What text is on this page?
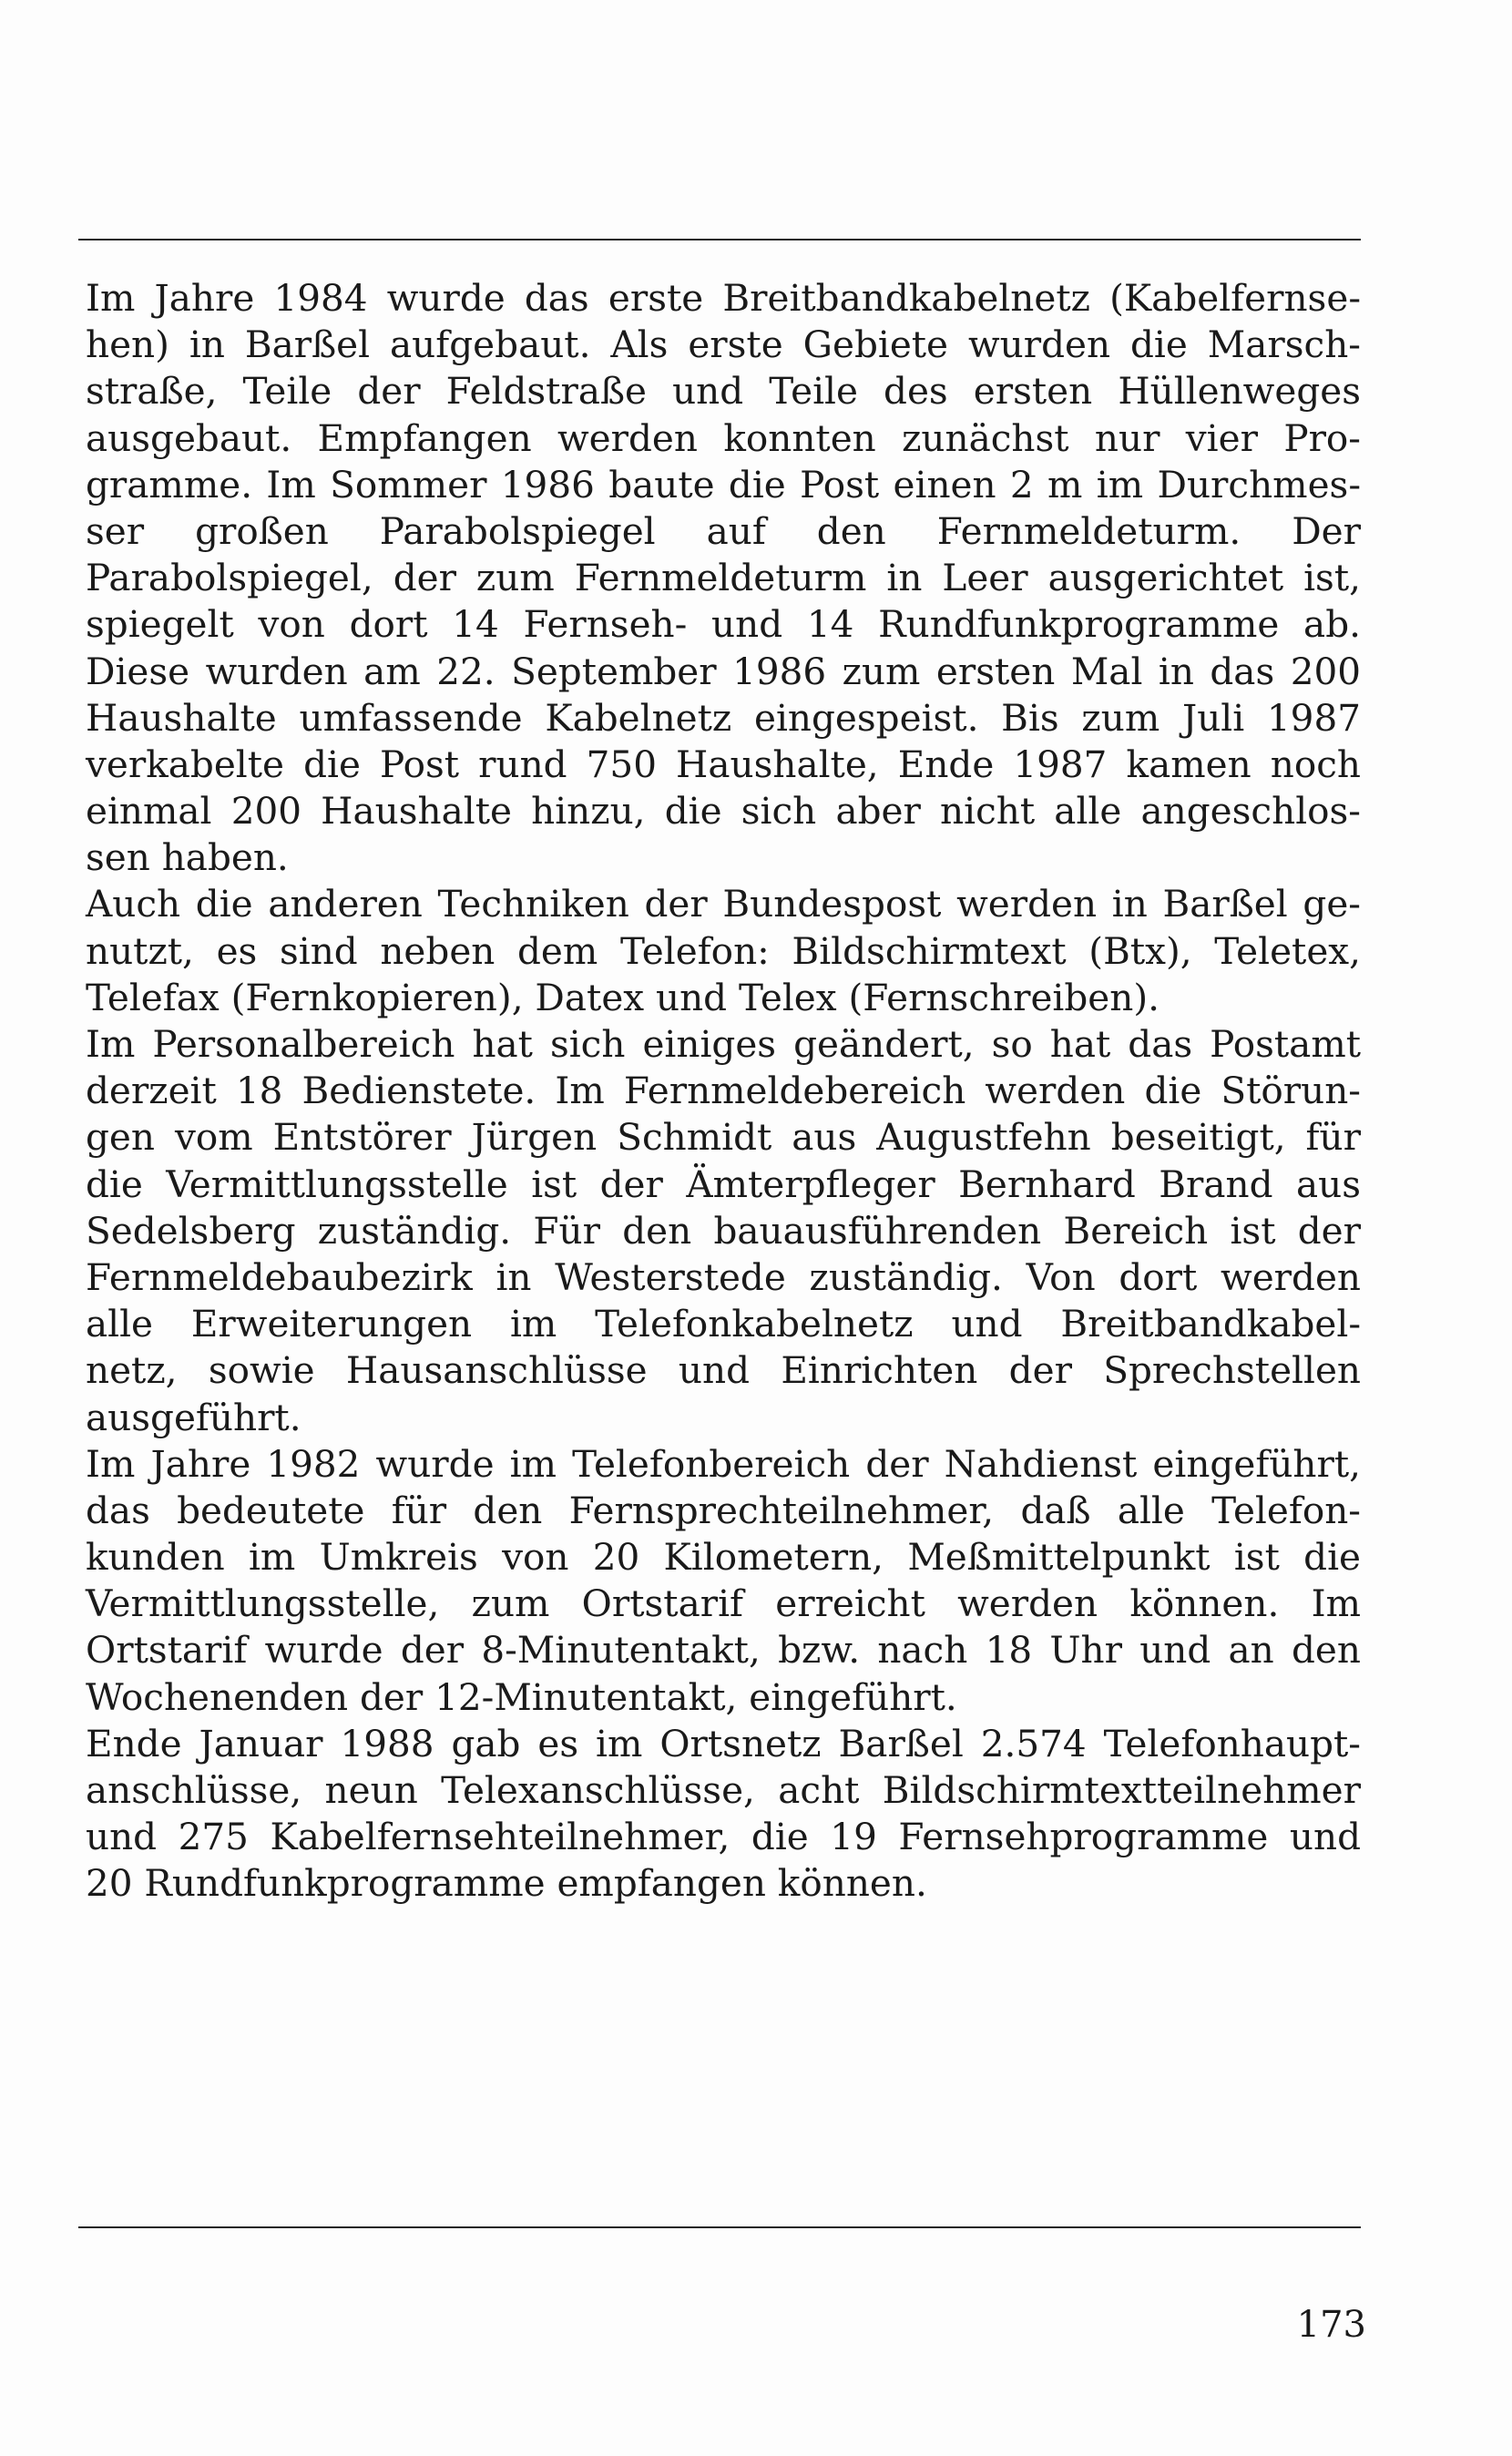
Im Jahre 1984 wurde das erste Breitbandkabelnetz (Kabelfernse-
hen) in Barßel aufgebaut. Als erste Gebiete wurden die Marsch-
straße, Teile der Feldstraße und Teile des ersten Hüllenweges
ausgebaut. Empfangen werden konnten zunächst nur vier Pro-
gramme. Im Sommer 1986 baute die Post einen 2 m im Durchmes-
ser großen Parabolspiegel auf den Fernmeldeturm. Der
Parabolspiegel, der zum Fernmeldeturm in Leer ausgerichtet ist,
spiegelt von dort 14 Fernseh- und 14 Rundfunkprogramme ab.
Diese wurden am 22. September 1986 zum ersten Mal in das 200
Haushalte umfassende Kabelnetz eingespeist. Bis zum Juli 1987
verkabelte die Post rund 750 Haushalte, Ende 1987 kamen noch
einmal 200 Haushalte hinzu, die sich aber nicht alle angeschlos-
sen haben.
Auch die anderen Techniken der Bundespost werden in Barßel ge-
nutzt, es sind neben dem Telefon: Bildschirmtext (Btx), Teletex,
Telefax (Fernkopieren), Datex und Telex (Fernschreiben).
Im Personalbereich hat sich einiges geändert, so hat das Postamt
derzeit 18 Bedienstete. Im Fernmeldebereich werden die Störun-
gen vom Entstörer Jürgen Schmidt aus Augustfehn beseitigt, für
die Vermittlungsstelle ist der Ämterpfleger Bernhard Brand aus
Sedelsberg zuständig. Für den bauausführenden Bereich ist der
Fernmeldebaubezirk in Westerstede zuständig. Von dort werden
alle Erweiterungen im Telefonkabelnetz und Breitbandkabel-
netz, sowie Hausanschlüsse und Einrichten der Sprechstellen
ausgeführt.
Im Jahre 1982 wurde im Telefonbereich der Nahdienst eingeführt,
das bedeutete für den Fernsprechteilnehmer, daß alle Telefon-
kunden im Umkreis von 20 Kilometern, Meßmittelpunkt ist die
Vermittlungsstelle, zum Ortstarif erreicht werden können. Im
Ortstarif wurde der 8-Minutentakt, bzw. nach 18 Uhr und an den
Wochenenden der 12-Minutentakt, eingeführt.
Ende Januar 1988 gab es im Ortsnetz Barßel 2.574 Telefonhaupt-
anschlüsse, neun Telexanschlüsse, acht Bildschirmtextteilnehmer
und 275 Kabelfernsehteilnehmer, die 19 Fernsehprogramme und
20 Rundfunkprogramme empfangen können.
173
